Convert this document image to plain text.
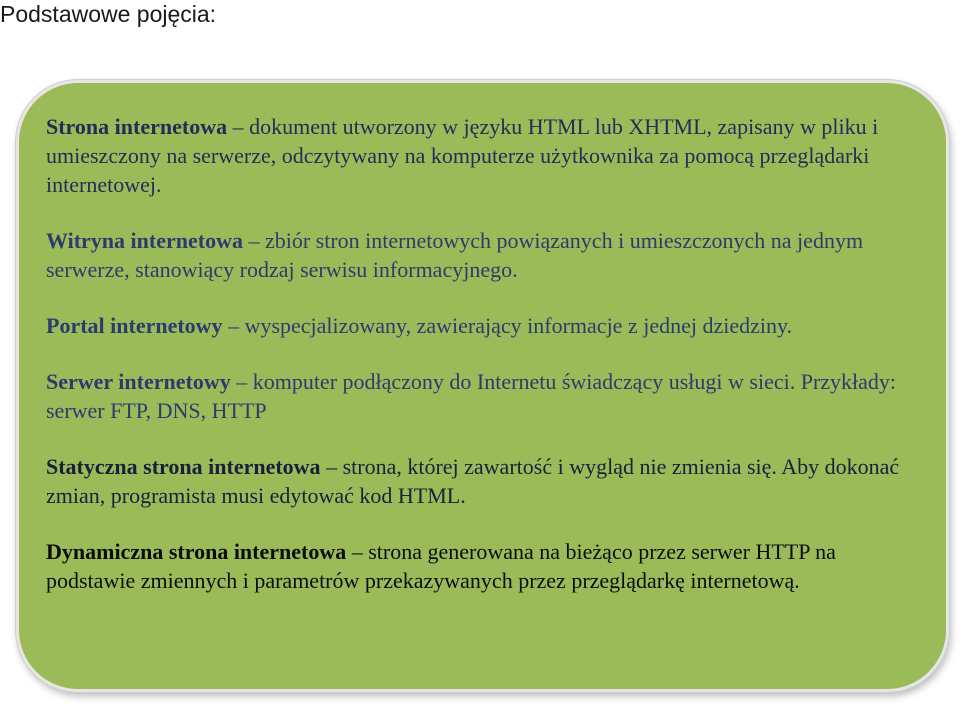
Podstawowe pojęcia:

Strona internetowa – dokument utworzony w języku HTML lub XHTML, zapisany w pliku i umieszczony na serwerze, odczytywany na komputerze użytkownika za pomocą przeglądarki internetowej.

Witryna internetowa – zbiór stron internetowych powiązanych i umieszczonych na jednym serwerze, stanowiący rodzaj serwisu informacyjnego.

Portal internetowy – wyspecjalizowany, zawierający informacje z jednej dziedziny.

Serwer internetowy – komputer podłączony do Internetu świadczący usługi w sieci. Przykłady: serwer FTP, DNS, HTTP

Statyczna strona internetowa – strona, której zawartość i wygląd nie zmienia się. Aby dokonać zmian, programista musi edytować kod HTML.

Dynamiczna strona internetowa – strona generowana na bieżąco przez serwer HTTP na podstawie zmiennych i parametrów przekazywanych przez przeglądarkę internetową.
